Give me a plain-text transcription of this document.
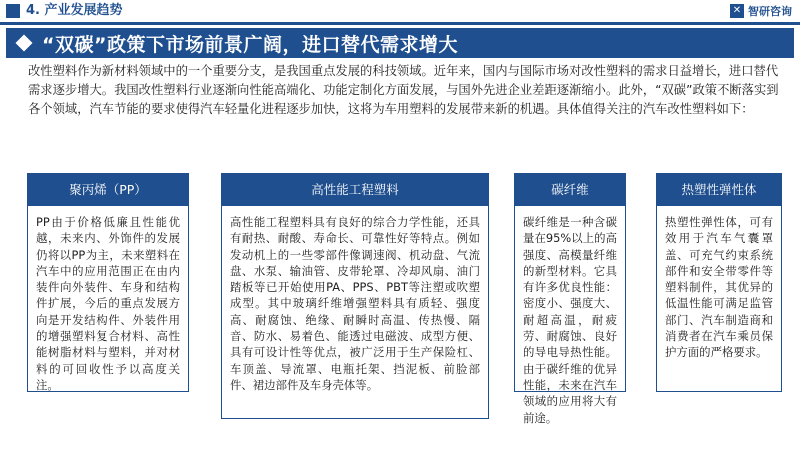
4. 产业发展趋势	✕ 智研咨询
“双碳”政策下市场前景广阔，进口替代需求增大
改性塑料作为新材料领域中的一个重要分支，是我国重点发展的科技领域。近年来，国内与国际市场对改性塑料的需求日益增长，进口替代需求逐步增大。我国改性塑料行业逐渐向性能高端化、功能定制化方面发展，与国外先进企业差距逐渐缩小。此外，“双碳”政策不断落实到各个领域，汽车节能的要求使得汽车轻量化进程逐步加快，这将为车用塑料的发展带来新的机遇。具体值得关注的汽车改性塑料如下：
聚丙烯（PP）
PP由于价格低廉且性能优越，未来内、外饰件的发展仍将以PP为主，未来塑料在汽车中的应用范围正在由内装件向外装件、车身和结构件扩展，今后的重点发展方向是开发结构件、外装件用的增强塑料复合材料、高性能树脂材料与塑料，并对材料的可回收性予以高度关注。
高性能工程塑料
高性能工程塑料具有良好的综合力学性能，还具有耐热、耐酸、寿命长、可靠性好等特点。例如发动机上的一些零部件像调速阀、机动盘、气流盘、水泵、输油管、皮带轮罩、冷却风扇、油门踏板等已开始使用PA、PPS、PBT等注塑或吹塑成型。其中玻璃纤维增强塑料具有质轻、强度高、耐腐蚀、绝缘、耐瞬时高温、传热慢、隔音、防水、易着色、能透过电磁波、成型方便、具有可设计性等优点，被广泛用于生产保险杠、车顶盖、导流罩、电瓶托架、挡泥板、前脸部件、裙边部件及车身壳体等。
碳纤维
碳纤维是一种含碳量在95%以上的高强度、高模量纤维的新型材料。它具有许多优良性能：密度小、强度大、耐超高温，耐疲劳、耐腐蚀、良好的导电导热性能。由于碳纤维的优异性能，未来在汽车领域的应用将大有前途。
热塑性弹性体
热塑性弹性体，可有效用于汽车气囊罩盖、可充气约束系统部件和安全带零件等塑料制件，其优异的低温性能可满足监管部门、汽车制造商和消费者在汽车乘员保护方面的严格要求。
